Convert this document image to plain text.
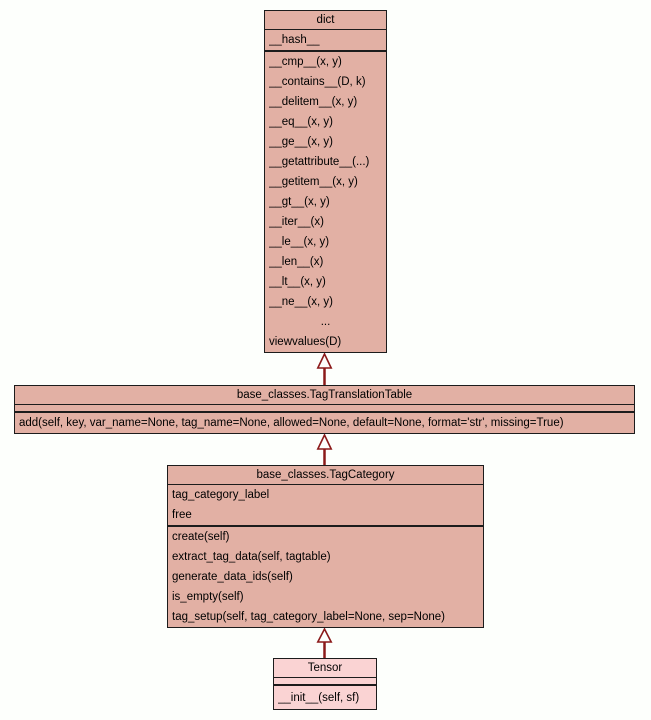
dict
__hash__
__cmp__(x, y)
__contains__(D, k)
__delitem__(x, y)
__eq__(x, y)
__ge__(x, y)
__getattribute__(...)
__getitem__(x, y)
__gt__(x, y)
__iter__(x)
__le__(x, y)
__len__(x)
__lt__(x, y)
__ne__(x, y)
...
viewvalues(D)
base_classes.TagTranslationTable
add(self, key, var_name=None, tag_name=None, allowed=None, default=None, format='str', missing=True)
base_classes.TagCategory
tag_category_label
free
create(self)
extract_tag_data(self, tagtable)
generate_data_ids(self)
is_empty(self)
tag_setup(self, tag_category_label=None, sep=None)
Tensor
__init__(self, sf)
